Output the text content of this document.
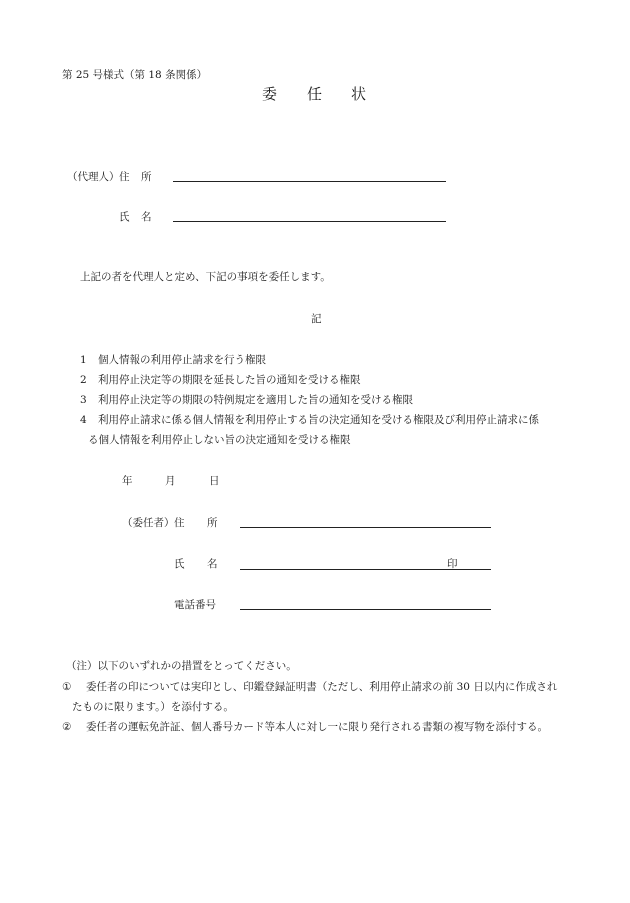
第 25 号様式（第 18 条関係）
委 任 状
（代理人） 住 所
氏 名
上記の者を代理人と定め、下記の事項を委任します。
記
1 個人情報の利用停止請求を行う権限
2 利用停止決定等の期限を延長した旨の通知を受ける権限
3 利用停止決定等の期限の特例規定を適用した旨の通知を受ける権限
4 利用停止請求に係る個人情報を利用停止する旨の決定通知を受ける権限及び利用停止請求に係
る個人情報を利用停止しない旨の決定通知を受ける権限
年	月	日
（委任者） 住 所
氏 名	印
電話番号
（注）以下のいずれかの措置をとってください。
① 委任者の印については実印とし、印鑑登録証明書（ただし、利用停止請求の前 30 日以内に作成され
たものに限ります。）を添付する。
② 委任者の運転免許証、個人番号カード等本人に対し一に限り発行される書類の複写物を添付する。
